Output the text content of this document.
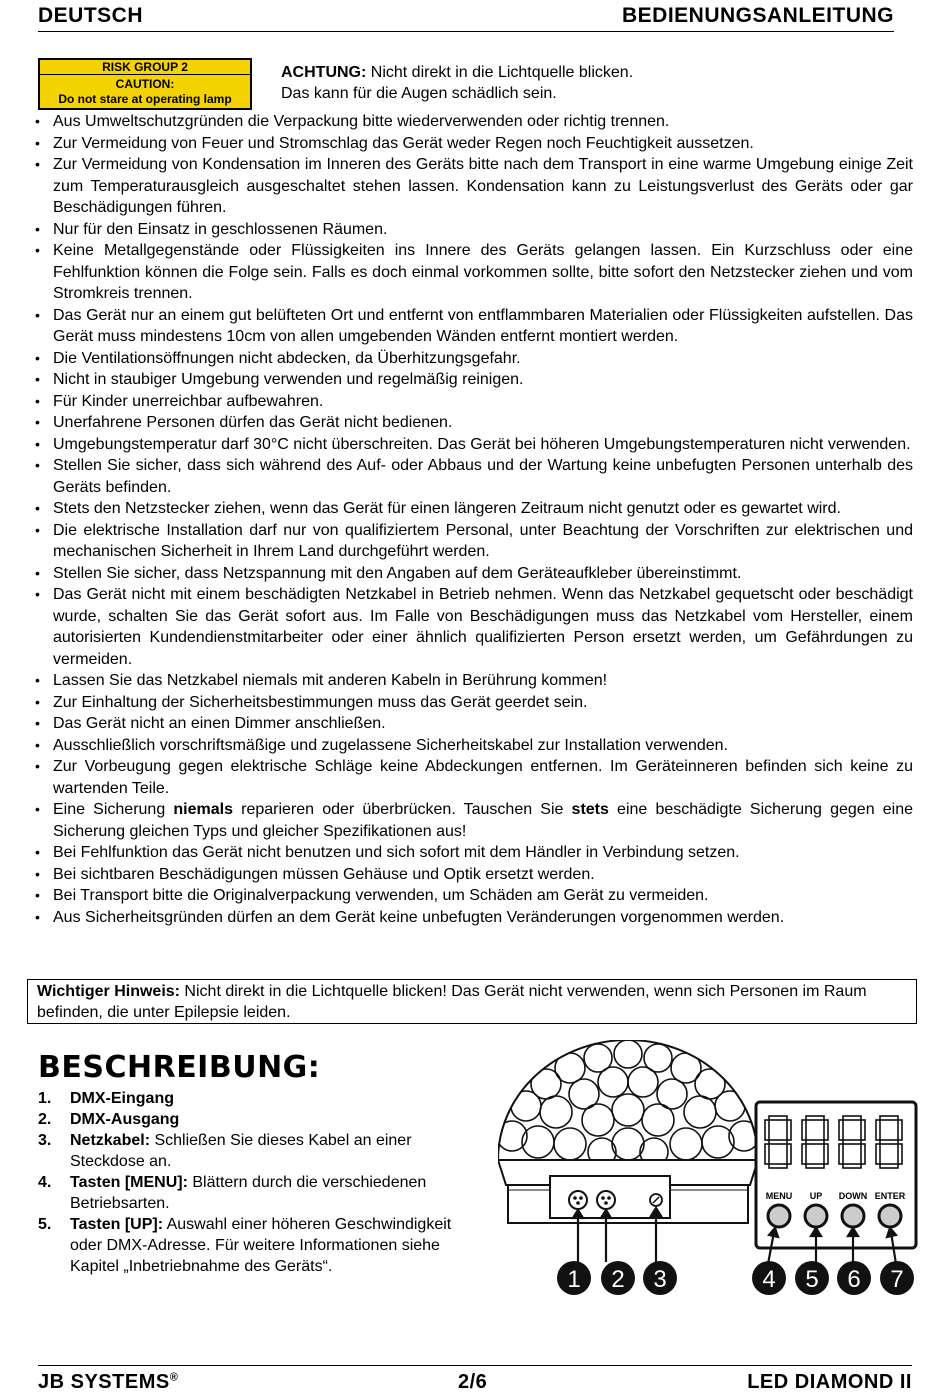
DEUTSCH	BEDIENUNGSANLEITUNG
RISK GROUP 2
CAUTION:
Do not stare at operating lamp
ACHTUNG: Nicht direkt in die Lichtquelle blicken.
Das kann für die Augen schädlich sein.
• Aus Umweltschutzgründen die Verpackung bitte wiederverwenden oder richtig trennen.
• Zur Vermeidung von Feuer und Stromschlag das Gerät weder Regen noch Feuchtigkeit aussetzen.
• Zur Vermeidung von Kondensation im Inneren des Geräts bitte nach dem Transport in eine warme Umgebung einige Zeit zum Temperaturausgleich ausgeschaltet stehen lassen. Kondensation kann zu Leistungsverlust des Geräts oder gar Beschädigungen führen.
• Nur für den Einsatz in geschlossenen Räumen.
• Keine Metallgegenstände oder Flüssigkeiten ins Innere des Geräts gelangen lassen. Ein Kurzschluss oder eine Fehlfunktion können die Folge sein. Falls es doch einmal vorkommen sollte, bitte sofort den Netzstecker ziehen und vom Stromkreis trennen.
• Das Gerät nur an einem gut belüfteten Ort und entfernt von entflammbaren Materialien oder Flüssigkeiten aufstellen. Das Gerät muss mindestens 10cm von allen umgebenden Wänden entfernt montiert werden.
• Die Ventilationsöffnungen nicht abdecken, da Überhitzungsgefahr.
• Nicht in staubiger Umgebung verwenden und regelmäßig reinigen.
• Für Kinder unerreichbar aufbewahren.
• Unerfahrene Personen dürfen das Gerät nicht bedienen.
• Umgebungstemperatur darf 30°C nicht überschreiten. Das Gerät bei höheren Umgebungstemperaturen nicht verwenden.
• Stellen Sie sicher, dass sich während des Auf- oder Abbaus und der Wartung keine unbefugten Personen unterhalb des Geräts befinden.
• Stets den Netzstecker ziehen, wenn das Gerät für einen längeren Zeitraum nicht genutzt oder es gewartet wird.
• Die elektrische Installation darf nur von qualifiziertem Personal, unter Beachtung der Vorschriften zur elektrischen und mechanischen Sicherheit in Ihrem Land durchgeführt werden.
• Stellen Sie sicher, dass Netzspannung mit den Angaben auf dem Geräteaufkleber übereinstimmt.
• Das Gerät nicht mit einem beschädigten Netzkabel in Betrieb nehmen. Wenn das Netzkabel gequetscht oder beschädigt wurde, schalten Sie das Gerät sofort aus. Im Falle von Beschädigungen muss das Netzkabel vom Hersteller, einem autorisierten Kundendienstmitarbeiter oder einer ähnlich qualifizierten Person ersetzt werden, um Gefährdungen zu vermeiden.
• Lassen Sie das Netzkabel niemals mit anderen Kabeln in Berührung kommen!
• Zur Einhaltung der Sicherheitsbestimmungen muss das Gerät geerdet sein.
• Das Gerät nicht an einen Dimmer anschließen.
• Ausschließlich vorschriftsmäßige und zugelassene Sicherheitskabel zur Installation verwenden.
• Zur Vorbeugung gegen elektrische Schläge keine Abdeckungen entfernen. Im Geräteinneren befinden sich keine zu wartenden Teile.
• Eine Sicherung niemals reparieren oder überbrücken. Tauschen Sie stets eine beschädigte Sicherung gegen eine Sicherung gleichen Typs und gleicher Spezifikationen aus!
• Bei Fehlfunktion das Gerät nicht benutzen und sich sofort mit dem Händler in Verbindung setzen.
• Bei sichtbaren Beschädigungen müssen Gehäuse und Optik ersetzt werden.
• Bei Transport bitte die Originalverpackung verwenden, um Schäden am Gerät zu vermeiden.
• Aus Sicherheitsgründen dürfen an dem Gerät keine unbefugten Veränderungen vorgenommen werden.
Wichtiger Hinweis: Nicht direkt in die Lichtquelle blicken! Das Gerät nicht verwenden, wenn sich Personen im Raum befinden, die unter Epilepsie leiden.
BESCHREIBUNG:
1. DMX-Eingang
2. DMX-Ausgang
3. Netzkabel: Schließen Sie dieses Kabel an einer Steckdose an.
4. Tasten [MENU]: Blättern durch die verschiedenen Betriebsarten.
5. Tasten [UP]: Auswahl einer höheren Geschwindigkeit oder DMX-Adresse. Für weitere Informationen siehe Kapitel „Inbetriebnahme des Geräts“.
MENU UP DOWN ENTER
1 2 3	4 5 6 7
JB SYSTEMS®	2/6	LED DIAMOND II
